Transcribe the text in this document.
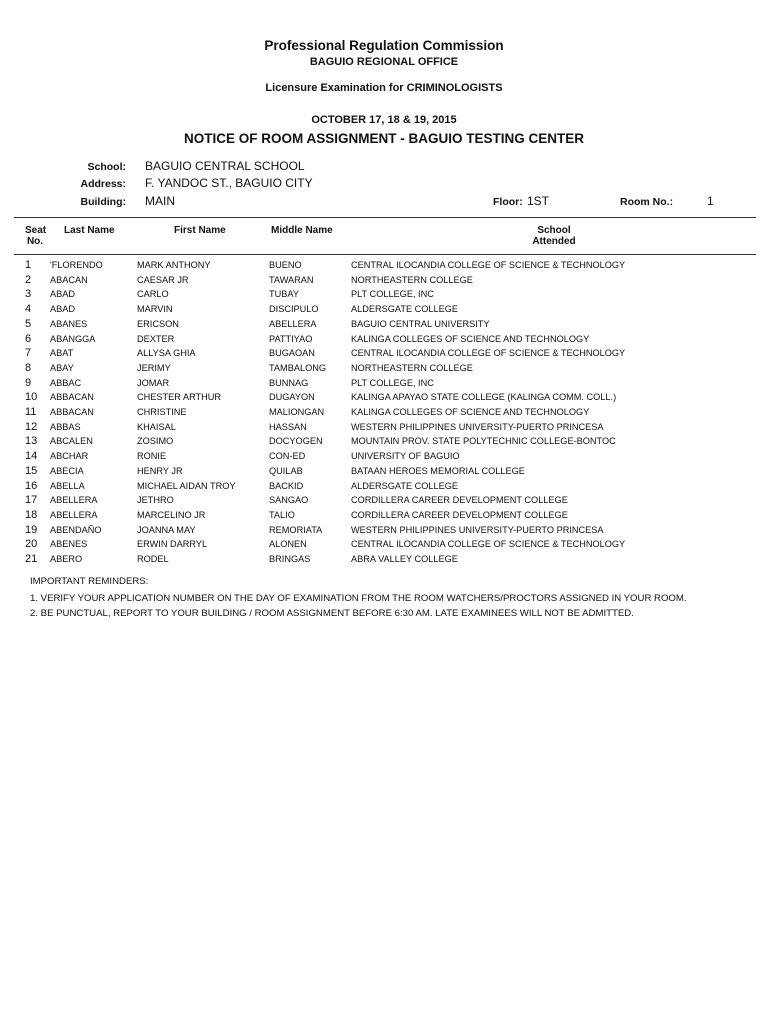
Professional Regulation Commission
BAGUIO REGIONAL OFFICE
Licensure Examination for CRIMINOLOGISTS
OCTOBER 17, 18 & 19, 2015
NOTICE OF ROOM ASSIGNMENT - BAGUIO TESTING CENTER
School: BAGUIO CENTRAL SCHOOL
Address: F. YANDOC ST., BAGUIO CITY
Building: MAIN	Floor: 1ST	Room No.:	1
Seat
No.
Last Name	First Name	Middle Name	School
Attended
1 'FLORENDO	MARK ANTHONY	BUENO	CENTRAL ILOCANDIA COLLEGE OF SCIENCE & TECHNOLOGY
2 ABACAN	CAESAR JR	TAWARAN	NORTHEASTERN COLLEGE
3 ABAD	CARLO	TUBAY	PLT COLLEGE, INC
4 ABAD	MARVIN	DISCIPULO	ALDERSGATE COLLEGE
5 ABANES	ERICSON	ABELLERA	BAGUIO CENTRAL UNIVERSITY
6 ABANGGA	DEXTER	PATTIYAO	KALINGA COLLEGES OF SCIENCE AND TECHNOLOGY
7 ABAT	ALLYSA GHIA	BUGAOAN	CENTRAL ILOCANDIA COLLEGE OF SCIENCE & TECHNOLOGY
8 ABAY	JERIMY	TAMBALONG	NORTHEASTERN COLLEGE
9 ABBAC	JOMAR	BUNNAG	PLT COLLEGE, INC
10 ABBACAN	CHESTER ARTHUR	DUGAYON	KALINGA APAYAO STATE COLLEGE (KALINGA COMM. COLL.)
11 ABBACAN	CHRISTINE	MALIONGAN	KALINGA COLLEGES OF SCIENCE AND TECHNOLOGY
12 ABBAS	KHAISAL	HASSAN	WESTERN PHILIPPINES UNIVERSITY-PUERTO PRINCESA
13 ABCALEN	ZOSIMO	DOCYOGEN	MOUNTAIN PROV. STATE POLYTECHNIC COLLEGE-BONTOC
14 ABCHAR	RONIE	CON-ED	UNIVERSITY OF BAGUIO
15 ABECIA	HENRY JR	QUILAB	BATAAN HEROES MEMORIAL COLLEGE
16 ABELLA	MICHAEL AIDAN TROY	BACKID	ALDERSGATE COLLEGE
17 ABELLERA	JETHRO	SANGAO	CORDILLERA CAREER DEVELOPMENT COLLEGE
18 ABELLERA	MARCELINO JR	TALIO	CORDILLERA CAREER DEVELOPMENT COLLEGE
19 ABENDAÑO	JOANNA MAY	REMORIATA	WESTERN PHILIPPINES UNIVERSITY-PUERTO PRINCESA
20 ABENES	ERWIN DARRYL	ALONEN	CENTRAL ILOCANDIA COLLEGE OF SCIENCE & TECHNOLOGY
21 ABERO	RODEL	BRINGAS	ABRA VALLEY COLLEGE
IMPORTANT REMINDERS:
1. VERIFY YOUR APPLICATION NUMBER ON THE DAY OF EXAMINATION FROM THE ROOM WATCHERS/PROCTORS ASSIGNED IN YOUR ROOM.
2. BE PUNCTUAL, REPORT TO YOUR BUILDING / ROOM ASSIGNMENT BEFORE 6:30 AM. LATE EXAMINEES WILL NOT BE ADMITTED.
